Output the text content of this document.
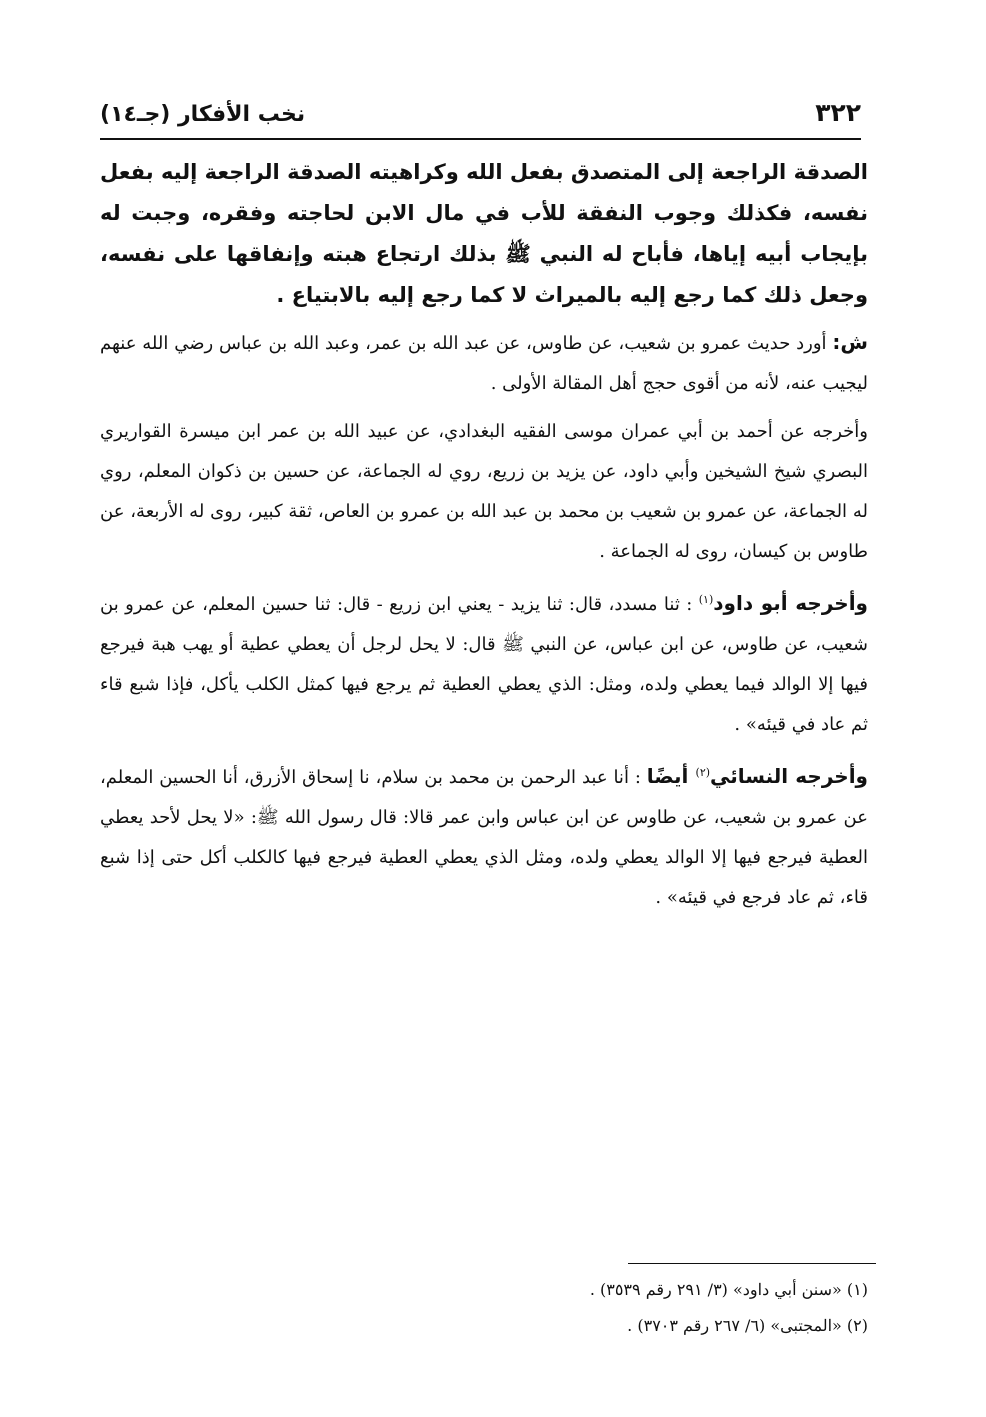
٣٢٢
نخب الأفكار (جـ١٤)

الصدقة الراجعة إلى المتصدق بفعل الله وكراهيته الصدقة الراجعة إليه بفعل نفسه، فكذلك وجوب النفقة للأب في مال الابن لحاجته وفقره، وجبت له بإيجاب أبيه إياها، فأباح له النبي ﷺ بذلك ارتجاع هبته وإنفاقها على نفسه، وجعل ذلك كما رجع إليه بالميراث لا كما رجع إليه بالابتياع .

ش: أورد حديث عمرو بن شعيب، عن طاوس، عن عبد الله بن عمر، وعبد الله بن عباس رضي الله عنهم ليجيب عنه، لأنه من أقوى حجج أهل المقالة الأولى .

وأخرجه عن أحمد بن أبي عمران موسى الفقيه البغدادي، عن عبيد الله بن عمر ابن ميسرة القواريري البصري شيخ الشيخين وأبي داود، عن يزيد بن زريع، روي له الجماعة، عن حسين بن ذكوان المعلم، روي له الجماعة، عن عمرو بن شعيب بن محمد بن عبد الله بن عمرو بن العاص، ثقة كبير، روى له الأربعة، عن طاوس بن كيسان، روى له الجماعة .

وأخرجه أبو داود$^{(١)}$ : ثنا مسدد، قال: ثنا يزيد - يعني ابن زريع - قال: ثنا حسين المعلم، عن عمرو بن شعيب، عن طاوس، عن ابن عباس، عن النبي ﷺ قال: لا يحل لرجل أن يعطي عطية أو يهب هبة فيرجع فيها إلا الوالد فيما يعطي ولده، ومثل: الذي يعطي العطية ثم يرجع فيها كمثل الكلب يأكل، فإذا شبع قاء ثم عاد في قيئه» .

وأخرجه النسائي$^{(٢)}$ أيضًا : أنا عبد الرحمن بن محمد بن سلام، نا إسحاق الأزرق، أنا الحسين المعلم، عن عمرو بن شعيب، عن طاوس عن ابن عباس وابن عمر قالا: قال رسول الله ﷺ: «لا يحل لأحد يعطي العطية فيرجع فيها إلا الوالد يعطي ولده، ومثل الذي يعطي العطية فيرجع فيها كالكلب أكل حتى إذا شبع قاء، ثم عاد فرجع في قيئه» .

(١) «سنن أبي داود» (٣/ ٢٩١ رقم ٣٥٣٩) .
(٢) «المجتبى» (٦/ ٢٦٧ رقم ٣٧٠٣) .
